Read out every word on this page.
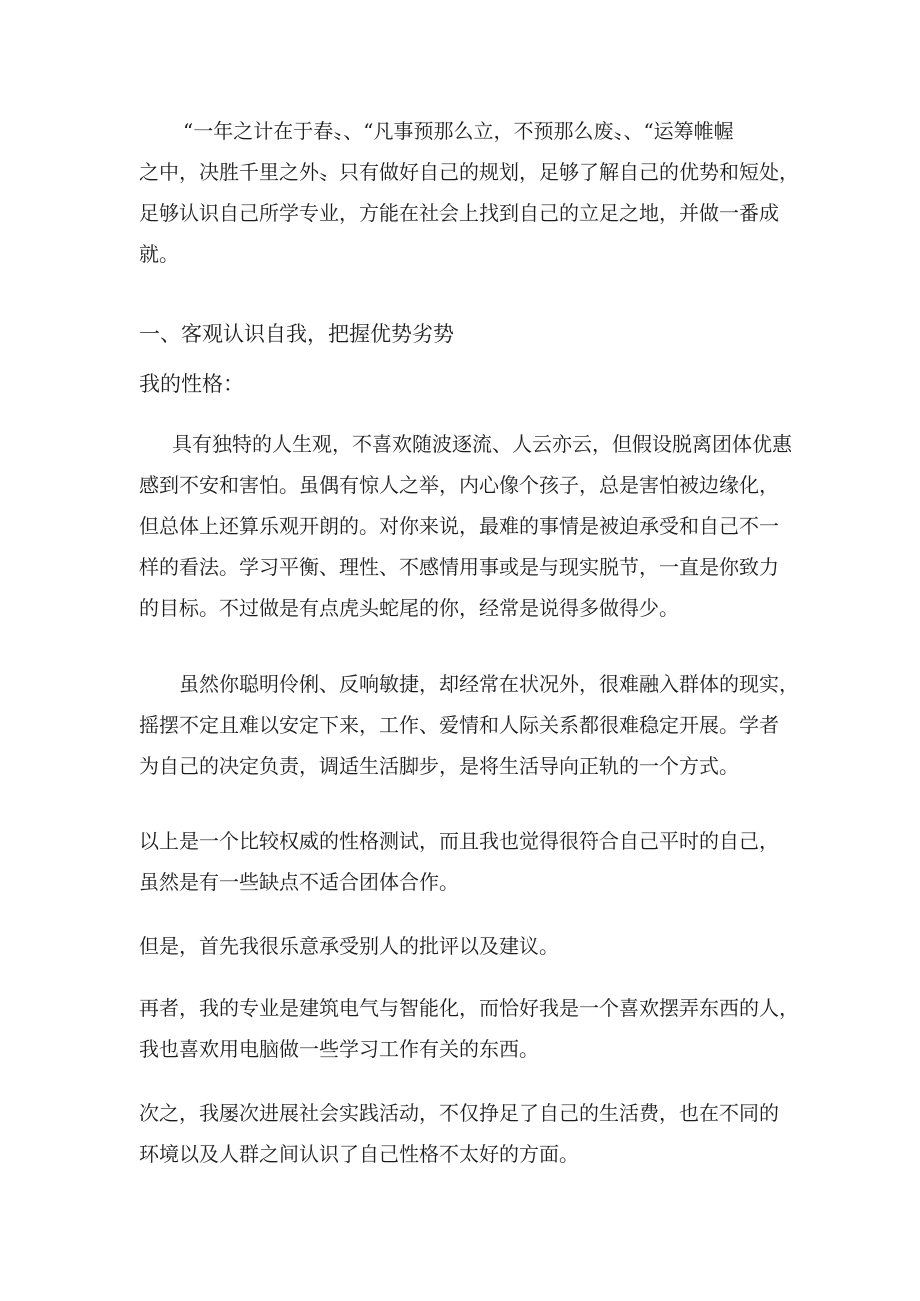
“一年之计在于春〟、“凡事预那么立，不预那么废〟、“运筹帷幄
之中，决胜千里之外〟只有做好自己的规划，足够了解自己的优势和短处，
足够认识自己所学专业，方能在社会上找到自己的立足之地，并做一番成
就。
一、客观认识自我，把握优势劣势
我的性格：
具有独特的人生观，不喜欢随波逐流、人云亦云，但假设脱离团体优惠
感到不安和害怕。虽偶有惊人之举，内心像个孩子，总是害怕被边缘化，
但总体上还算乐观开朗的。对你来说，最难的事情是被迫承受和自己不一
样的看法。学习平衡、理性、不感情用事或是与现实脱节，一直是你致力
的目标。不过做是有点虎头蛇尾的你，经常是说得多做得少。
虽然你聪明伶俐、反响敏捷，却经常在状况外，很难融入群体的现实，
摇摆不定且难以安定下来，工作、爱情和人际关系都很难稳定开展。学者
为自己的决定负责，调适生活脚步，是将生活导向正轨的一个方式。
以上是一个比较权威的性格测试，而且我也觉得很符合自己平时的自己，
虽然是有一些缺点不适合团体合作。
但是，首先我很乐意承受别人的批评以及建议。
再者，我的专业是建筑电气与智能化，而恰好我是一个喜欢摆弄东西的人，
我也喜欢用电脑做一些学习工作有关的东西。
次之，我屡次进展社会实践活动，不仅挣足了自己的生活费，也在不同的
环境以及人群之间认识了自己性格不太好的方面。
